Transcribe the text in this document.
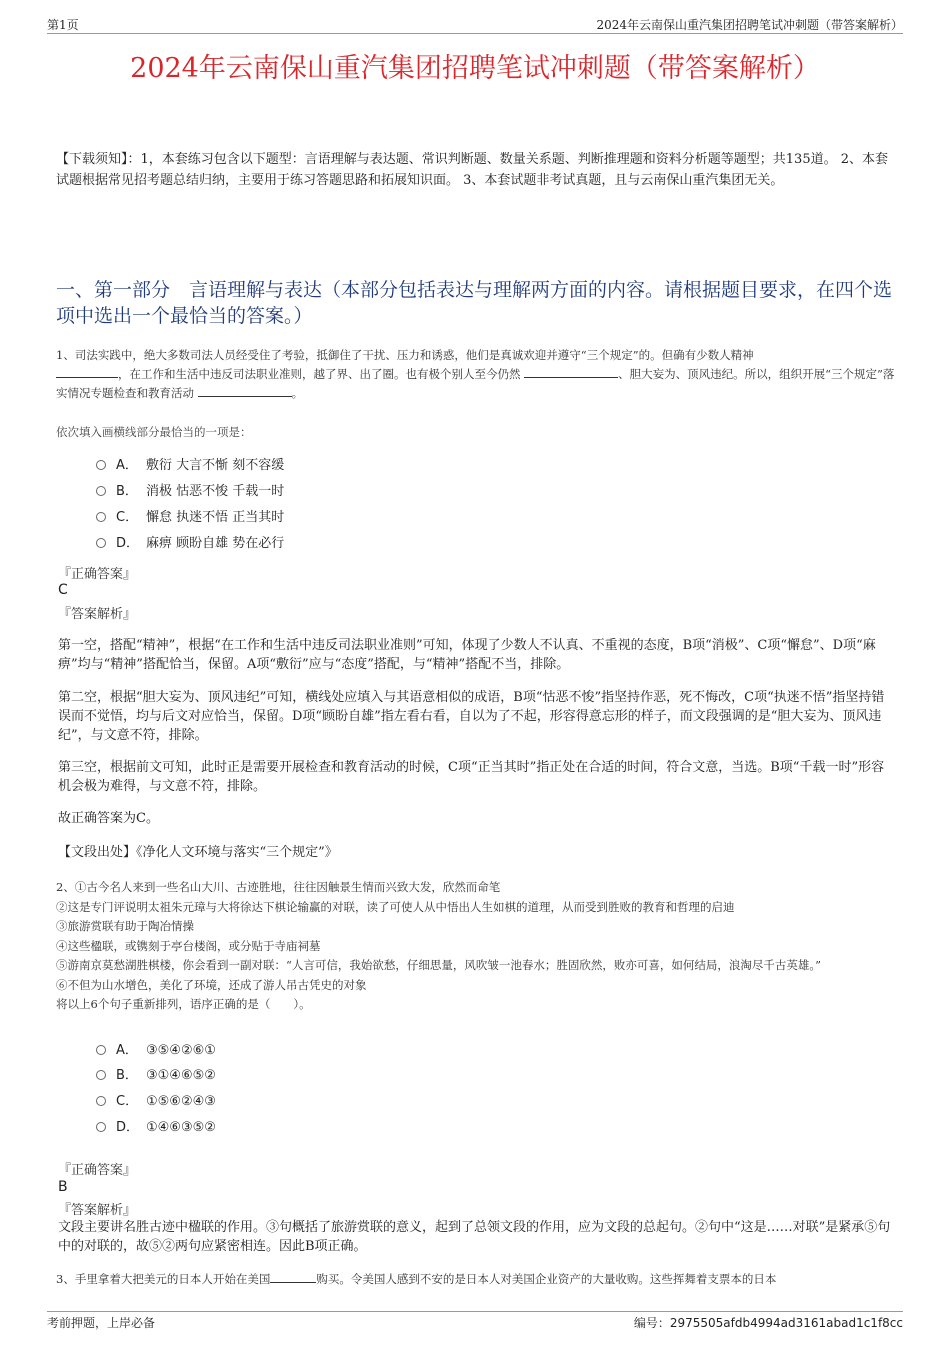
第1页	2024年云南保山重汽集团招聘笔试冲刺题（带答案解析）
2024年云南保山重汽集团招聘笔试冲刺题（带答案解析）
【下载须知】：1，本套练习包含以下题型：言语理解与表达题、常识判断题、数量关系题、判断推理题和资料分析题等题型；共135道。 2、本套试题根据常见招考题总结归纳，主要用于练习答题思路和拓展知识面。 3、本套试题非考试真题，且与云南保山重汽集团无关。
一、第一部分　言语理解与表达（本部分包括表达与理解两方面的内容。请根据题目要求，在四个选项中选出一个最恰当的答案。）
1、司法实践中，绝大多数司法人员经受住了考验，抵御住了干扰、压力和诱惑，他们是真诚欢迎并遵守“三个规定”的。但确有少数人精神
，在工作和生活中违反司法职业准则，越了界、出了圈。也有极个别人至今仍然	、胆大妄为、顶风违纪。所以，组织开展“三个规定”落实情况专题检查和教育活动	。
依次填入画横线部分最恰当的一项是：
A． 敷衍 大言不惭 刻不容缓
B． 消极 怙恶不悛 千载一时
C． 懈怠 执迷不悟 正当其时
D． 麻痹 顾盼自雄 势在必行
『正确答案』
C
『答案解析』
第一空，搭配“精神”，根据“在工作和生活中违反司法职业准则”可知，体现了少数人不认真、不重视的态度，B项“消极”、C项“懈怠”、D项“麻痹”均与“精神”搭配恰当，保留。A项“敷衍”应与“态度”搭配，与“精神”搭配不当，排除。
第二空，根据“胆大妄为、顶风违纪”可知，横线处应填入与其语意相似的成语，B项“怙恶不悛”指坚持作恶，死不悔改，C项“执迷不悟”指坚持错误而不觉悟，均与后文对应恰当，保留。D项“顾盼自雄”指左看右看，自以为了不起，形容得意忘形的样子，而文段强调的是“胆大妄为、顶风违纪”，与文意不符，排除。
第三空，根据前文可知，此时正是需要开展检查和教育活动的时候，C项“正当其时”指正处在合适的时间，符合文意，当选。B项“千载一时”形容机会极为难得，与文意不符，排除。
故正确答案为C。
【文段出处】《净化人文环境与落实“三个规定”》
2、①古今名人来到一些名山大川、古迹胜地，往往因触景生情而兴致大发，欣然而命笔
②这是专门评说明太祖朱元璋与大将徐达下棋论输赢的对联，读了可使人从中悟出人生如棋的道理，从而受到胜败的教育和哲理的启迪
③旅游赏联有助于陶冶情操
④这些楹联，或镌刻于亭台楼阁，或分贴于寺庙祠墓
⑤游南京莫愁湖胜棋楼，你会看到一副对联：“人言可信，我始欲愁，仔细思量，风吹皱一池春水；胜固欣然，败亦可喜，如何结局，浪淘尽千古英雄。”
⑥不但为山水增色，美化了环境，还成了游人吊古凭史的对象
将以上6个句子重新排列，语序正确的是（　　）。
A． ③⑤④②⑥①
B． ③①④⑥⑤②
C． ①⑤⑥②④③
D． ①④⑥③⑤②
『正确答案』
B
『答案解析』
文段主要讲名胜古迹中楹联的作用。③句概括了旅游赏联的意义，起到了总领文段的作用，应为文段的总起句。②句中“这是……对联”是紧承⑤句中的对联的，故⑤②两句应紧密相连。因此B项正确。
3、手里拿着大把美元的日本人开始在美国	购买。令美国人感到不安的是日本人对美国企业资产的大量收购。这些挥舞着支票本的日本
考前押题，上岸必备	编号：2975505afdb4994ad3161abad1c1f8cc
